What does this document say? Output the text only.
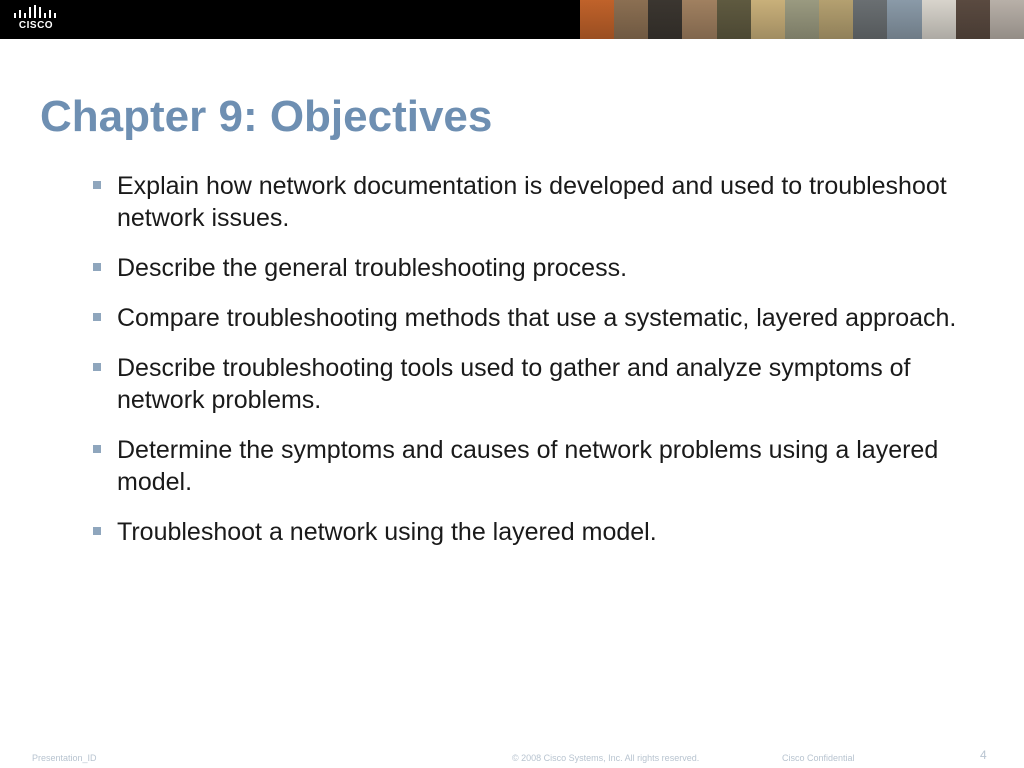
CISCO
Chapter 9: Objectives
Explain how network documentation is developed and used to troubleshoot network issues.
Describe the general troubleshooting process.
Compare troubleshooting methods that use a systematic, layered approach.
Describe troubleshooting tools used to gather and analyze symptoms of network problems.
Determine the symptoms and causes of network problems using a layered model.
Troubleshoot a network using the layered model.
Presentation_ID	© 2008 Cisco Systems, Inc. All rights reserved.	Cisco Confidential	4
